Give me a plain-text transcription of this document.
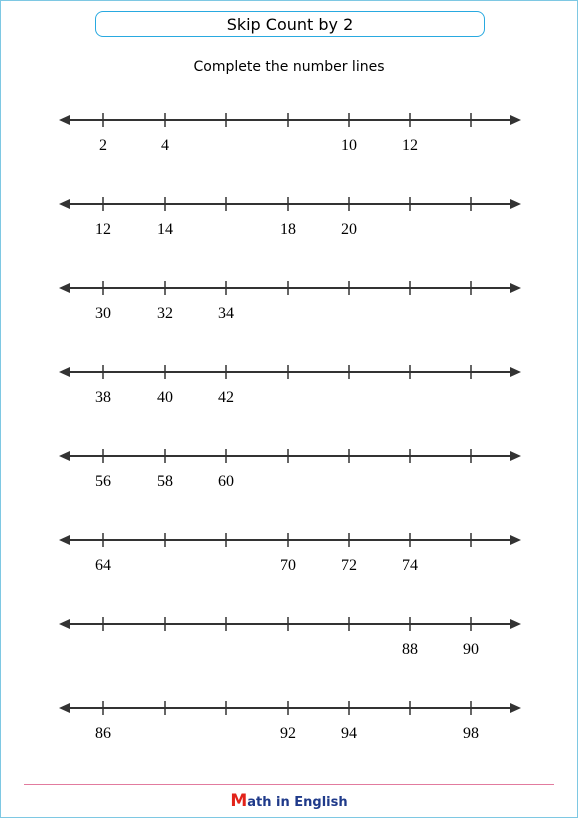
Skip Count by 2
Complete the number lines
2	4	10	12
12	14	18	20
30	32	34
38	40	42
56	58	60
64	70	72	74
88	90
86	92	94	98
Math in English
